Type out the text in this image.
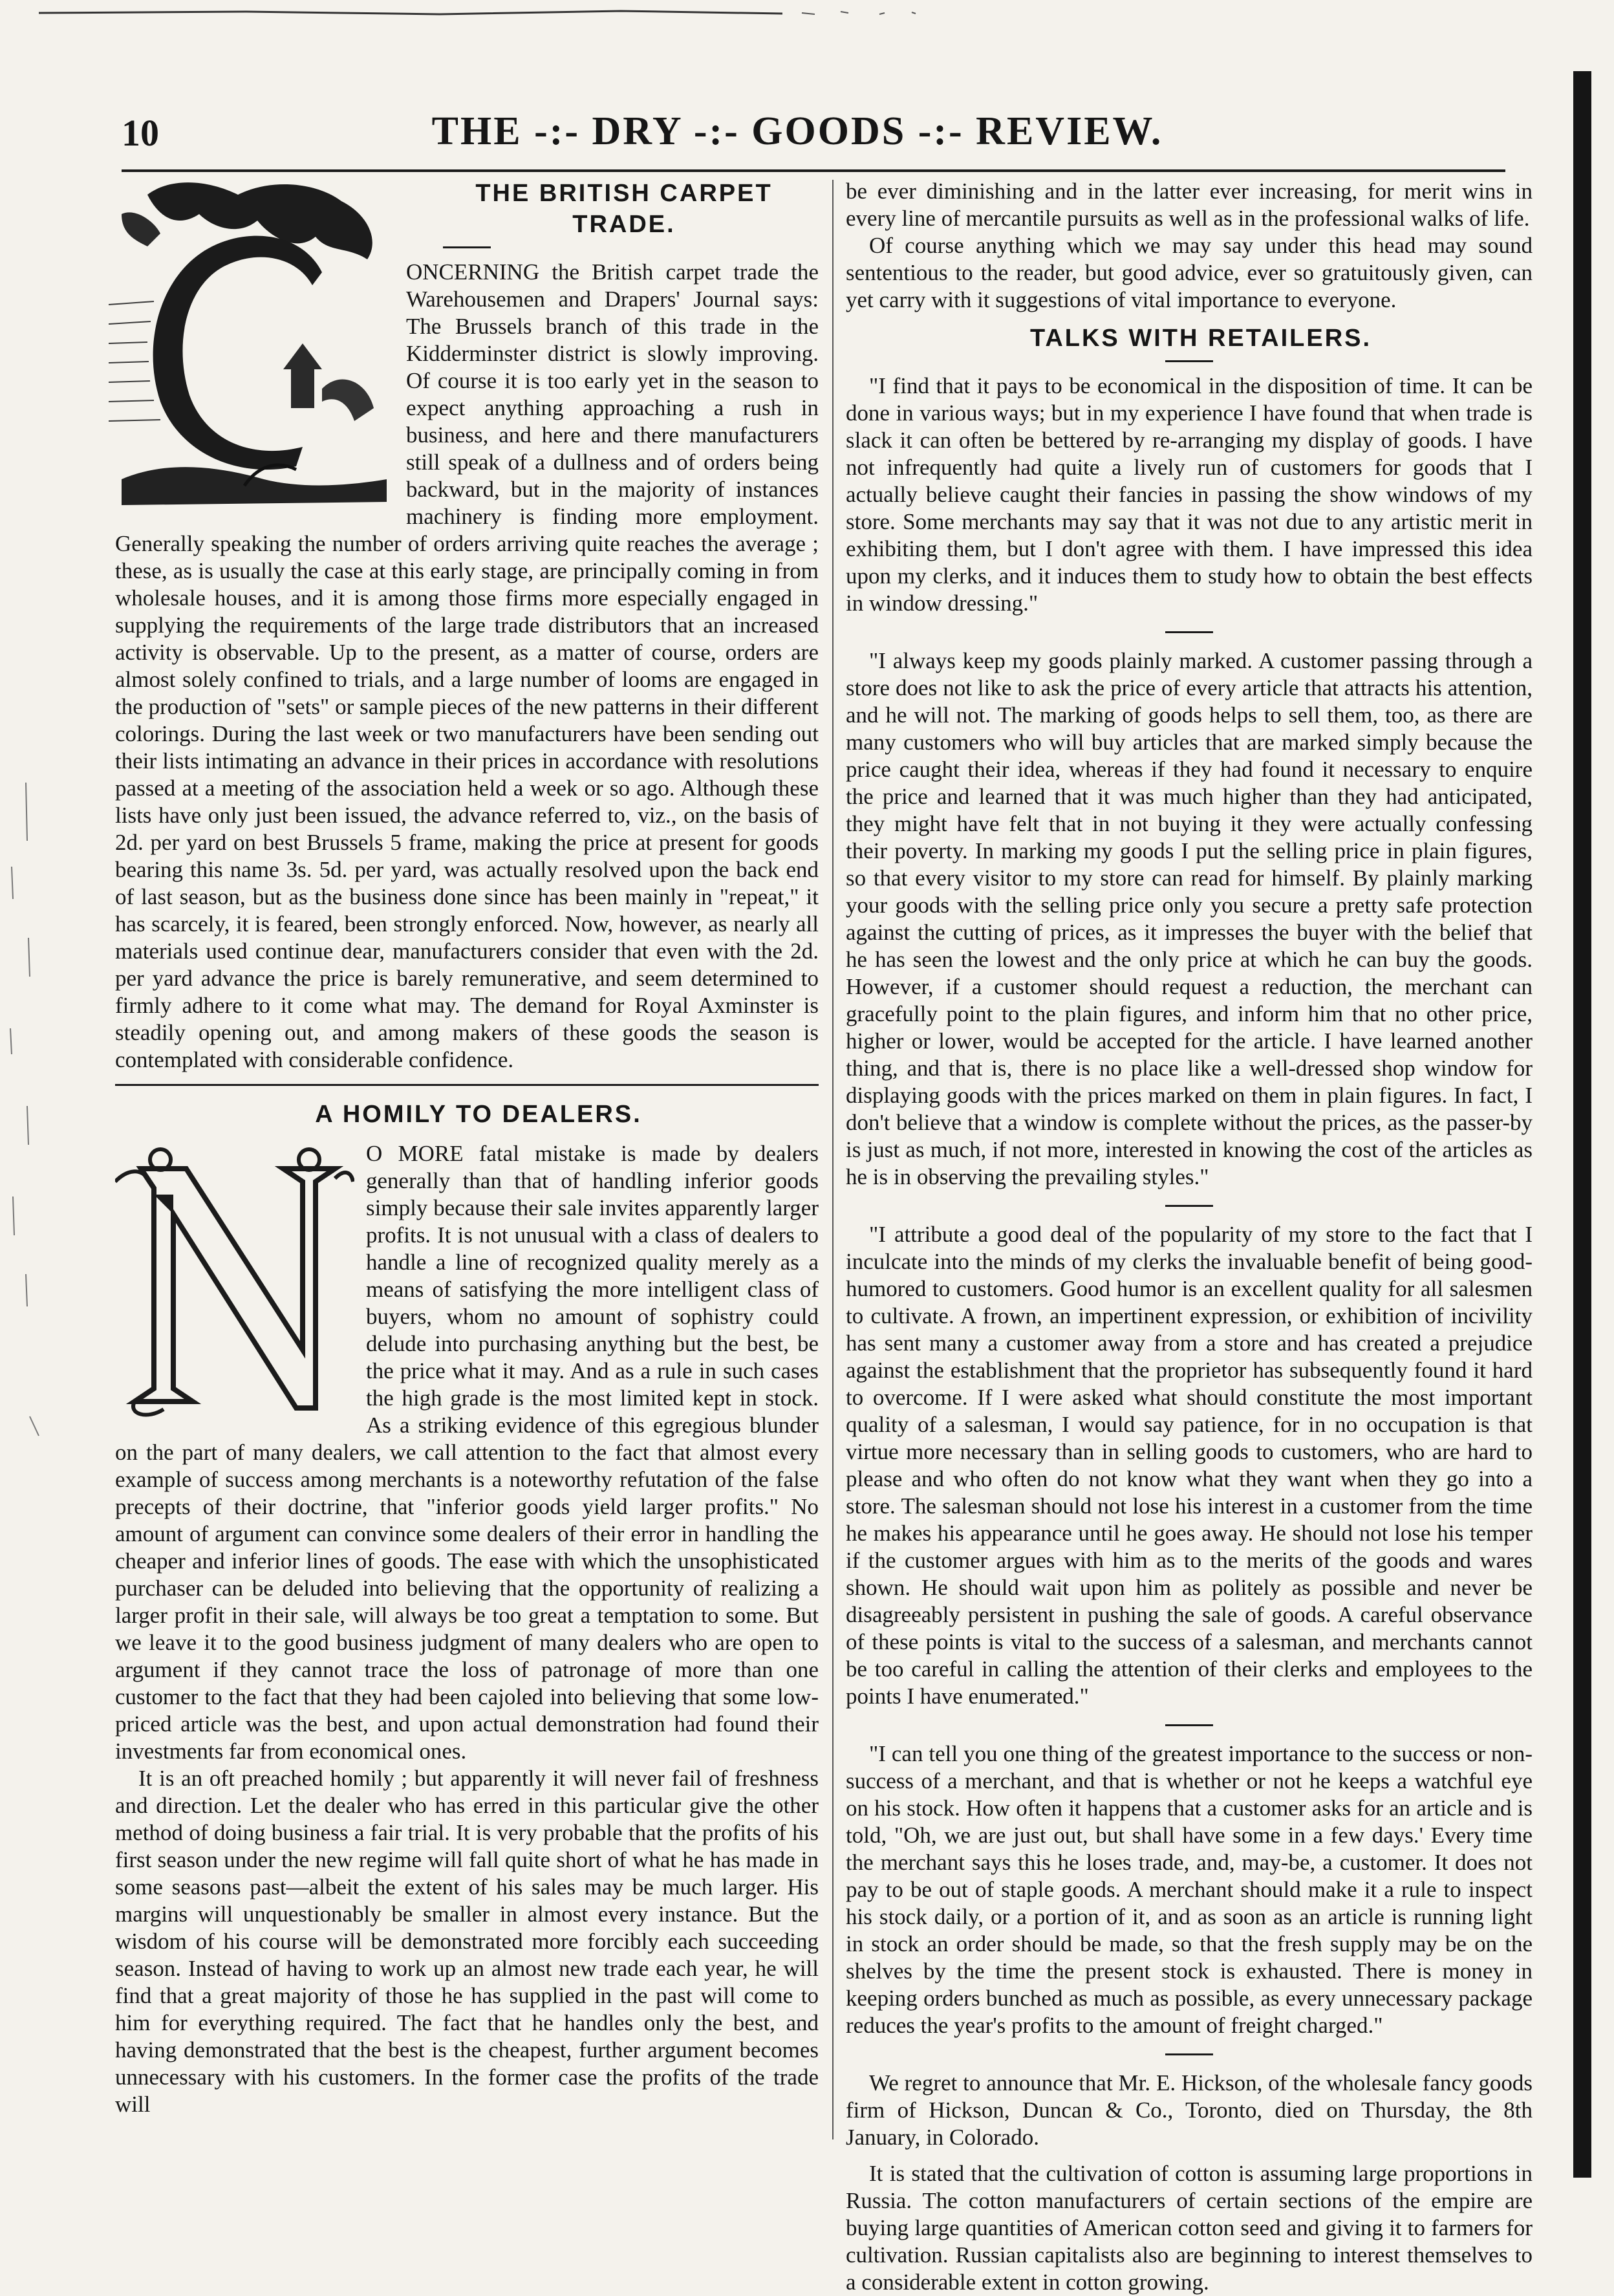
10	THE -:- DRY -:- GOODS -:- REVIEW.

THE BRITISH CARPET

TRADE.

ONCERNING the British carpet trade the Warehousemen and Drapers' Journal says: The Brussels branch of this trade in the Kidderminster district is slowly improving. Of course it is too early yet in the season to expect anything approaching a rush in business, and here and there manufacturers still speak of a dullness and of orders being backward, but in the majority of instances machinery is finding more employment. Generally speaking the number of orders arriving quite reaches the average ; these, as is usually the case at this early stage, are principally coming in from wholesale houses, and it is among those firms more especially engaged in supplying the requirements of the large trade distributors that an increased activity is observable. Up to the present, as a matter of course, orders are almost solely confined to trials, and a large number of looms are engaged in the production of "sets" or sample pieces of the new patterns in their different colorings. During the last week or two manufacturers have been sending out their lists intimating an advance in their prices in accordance with resolutions passed at a meeting of the association held a week or so ago. Although these lists have only just been issued, the advance referred to, viz., on the basis of 2d. per yard on best Brussels 5 frame, making the price at present for goods bearing this name 3s. 5d. per yard, was actually resolved upon the back end of last season, but as the business done since has been mainly in "repeat," it has scarcely, it is feared, been strongly enforced. Now, however, as nearly all materials used continue dear, manufacturers consider that even with the 2d. per yard advance the price is barely remunerative, and seem determined to firmly adhere to it come what may. The demand for Royal Axminster is steadily opening out, and among makers of these goods the season is contemplated with considerable confidence.

A HOMILY TO DEALERS.

O MORE fatal mistake is made by dealers generally than that of handling inferior goods simply because their sale invites apparently larger profits. It is not unusual with a class of dealers to handle a line of recognized quality merely as a means of satisfying the more intelligent class of buyers, whom no amount of sophistry could delude into purchasing anything but the best, be the price what it may. And as a rule in such cases the high grade is the most limited kept in stock. As a striking evidence of this egregious blunder on the part of many dealers, we call attention to the fact that almost every example of success among merchants is a noteworthy refutation of the false precepts of their doctrine, that "inferior goods yield larger profits." No amount of argument can convince some dealers of their error in handling the cheaper and inferior lines of goods. The ease with which the unsophisticated purchaser can be deluded into believing that the opportunity of realizing a larger profit in their sale, will always be too great a temptation to some. But we leave it to the good business judgment of many dealers who are open to argument if they cannot trace the loss of patronage of more than one customer to the fact that they had been cajoled into believing that some low-priced article was the best, and upon actual demonstration had found their investments far from economical ones.

It is an oft preached homily ; but apparently it will never fail of freshness and direction. Let the dealer who has erred in this particular give the other method of doing business a fair trial. It is very probable that the profits of his first season under the new regime will fall quite short of what he has made in some seasons past—albeit the extent of his sales may be much larger. His margins will unquestionably be smaller in almost every instance. But the wisdom of his course will be demonstrated more forcibly each succeeding season. Instead of having to work up an almost new trade each year, he will find that a great majority of those he has supplied in the past will come to him for everything required. The fact that he handles only the best, and having demonstrated that the best is the cheapest, further argument becomes unnecessary with his customers. In the former case the profits of the trade will

be ever diminishing and in the latter ever increasing, for merit wins in every line of mercantile pursuits as well as in the professional walks of life.

Of course anything which we may say under this head may sound sententious to the reader, but good advice, ever so gratuitously given, can yet carry with it suggestions of vital importance to everyone.

TALKS WITH RETAILERS.

"I find that it pays to be economical in the disposition of time. It can be done in various ways; but in my experience I have found that when trade is slack it can often be bettered by re-arranging my display of goods. I have not infrequently had quite a lively run of customers for goods that I actually believe caught their fancies in passing the show windows of my store. Some merchants may say that it was not due to any artistic merit in exhibiting them, but I don't agree with them. I have impressed this idea upon my clerks, and it induces them to study how to obtain the best effects in window dressing."

"I always keep my goods plainly marked. A customer passing through a store does not like to ask the price of every article that attracts his attention, and he will not. The marking of goods helps to sell them, too, as there are many customers who will buy articles that are marked simply because the price caught their idea, whereas if they had found it necessary to enquire the price and learned that it was much higher than they had anticipated, they might have felt that in not buying it they were actually confessing their poverty. In marking my goods I put the selling price in plain figures, so that every visitor to my store can read for himself. By plainly marking your goods with the selling price only you secure a pretty safe protection against the cutting of prices, as it impresses the buyer with the belief that he has seen the lowest and the only price at which he can buy the goods. However, if a customer should request a reduction, the merchant can gracefully point to the plain figures, and inform him that no other price, higher or lower, would be accepted for the article. I have learned another thing, and that is, there is no place like a well-dressed shop window for displaying goods with the prices marked on them in plain figures. In fact, I don't believe that a window is complete without the prices, as the passer-by is just as much, if not more, interested in knowing the cost of the articles as he is in observing the prevailing styles."

"I attribute a good deal of the popularity of my store to the fact that I inculcate into the minds of my clerks the invaluable benefit of being good-humored to customers. Good humor is an excellent quality for all salesmen to cultivate. A frown, an impertinent expression, or exhibition of incivility has sent many a customer away from a store and has created a prejudice against the establishment that the proprietor has subsequently found it hard to overcome. If I were asked what should constitute the most important quality of a salesman, I would say patience, for in no occupation is that virtue more necessary than in selling goods to customers, who are hard to please and who often do not know what they want when they go into a store. The salesman should not lose his interest in a customer from the time he makes his appearance until he goes away. He should not lose his temper if the customer argues with him as to the merits of the goods and wares shown. He should wait upon him as politely as possible and never be disagreeably persistent in pushing the sale of goods. A careful observance of these points is vital to the success of a salesman, and merchants cannot be too careful in calling the attention of their clerks and employees to the points I have enumerated."

"I can tell you one thing of the greatest importance to the success or non-success of a merchant, and that is whether or not he keeps a watchful eye on his stock. How often it happens that a customer asks for an article and is told, "Oh, we are just out, but shall have some in a few days.' Every time the merchant says this he loses trade, and, may-be, a customer. It does not pay to be out of staple goods. A merchant should make it a rule to inspect his stock daily, or a portion of it, and as soon as an article is running light in stock an order should be made, so that the fresh supply may be on the shelves by the time the present stock is exhausted. There is money in keeping orders bunched as much as possible, as every unnecessary package reduces the year's profits to the amount of freight charged."

We regret to announce that Mr. E. Hickson, of the wholesale fancy goods firm of Hickson, Duncan & Co., Toronto, died on Thursday, the 8th January, in Colorado.

It is stated that the cultivation of cotton is assuming large proportions in Russia. The cotton manufacturers of certain sections of the empire are buying large quantities of American cotton seed and giving it to farmers for cultivation. Russian capitalists also are beginning to interest themselves to a considerable extent in cotton growing.
